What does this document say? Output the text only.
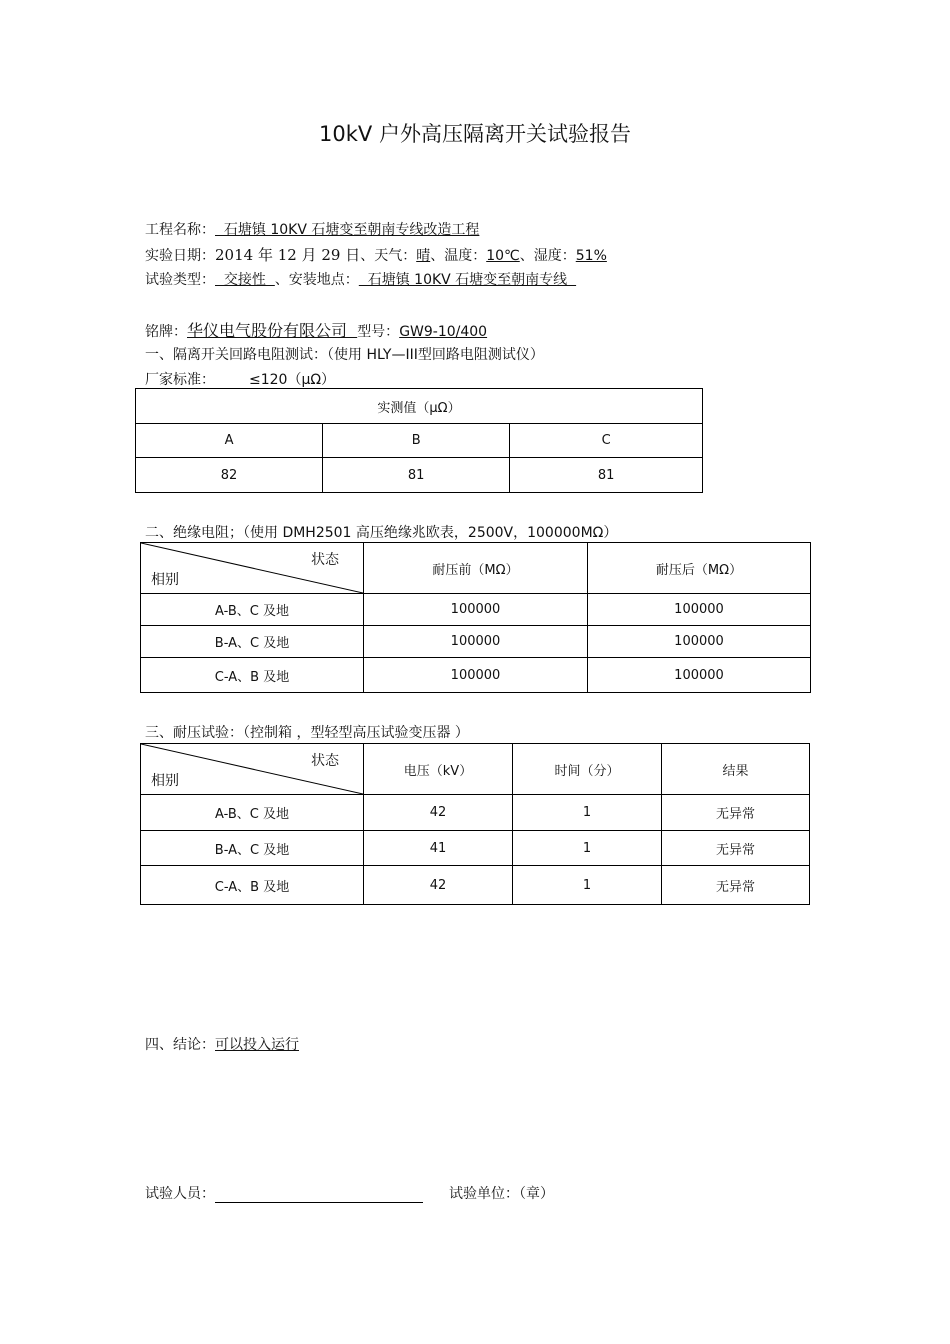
10kV 户外高压隔离开关试验报告
工程名称：  石塘镇 10KV 石塘变至朝南专线改造工程
实验日期：2014 年 12 月 29 日、天气：晴、温度：10℃、湿度：51%
试验类型：  交接性  、安装地点：  石塘镇 10KV 石塘变至朝南专线
铭牌：华仪电气股份有限公司  型号：GW9-10/400
一、隔离开关回路电阻测试：（使用 HLY—III型回路电阻测试仪）
厂家标准： ≤120（μΩ）
实测值（μΩ）		
A	B	C
82	81	81
二、绝缘电阻；（使用 DMH2501 高压绝缘兆欧表，2500V，100000MΩ）
状态
相别	耐压前（MΩ）	耐压后（MΩ）
A-B、C 及地	100000	100000
B-A、C 及地	100000	100000
C-A、B 及地	100000	100000
三、耐压试验：（控制箱 ，型轻型高压试验变压器 ）
状态
相别	电压（kV）	时间（分）	结果
A-B、C 及地	42	1	无异常
B-A、C 及地	41	1	无异常
C-A、B 及地	42	1	无异常
四、结论：可以投入运行
试验人员：	试验单位：（章）
